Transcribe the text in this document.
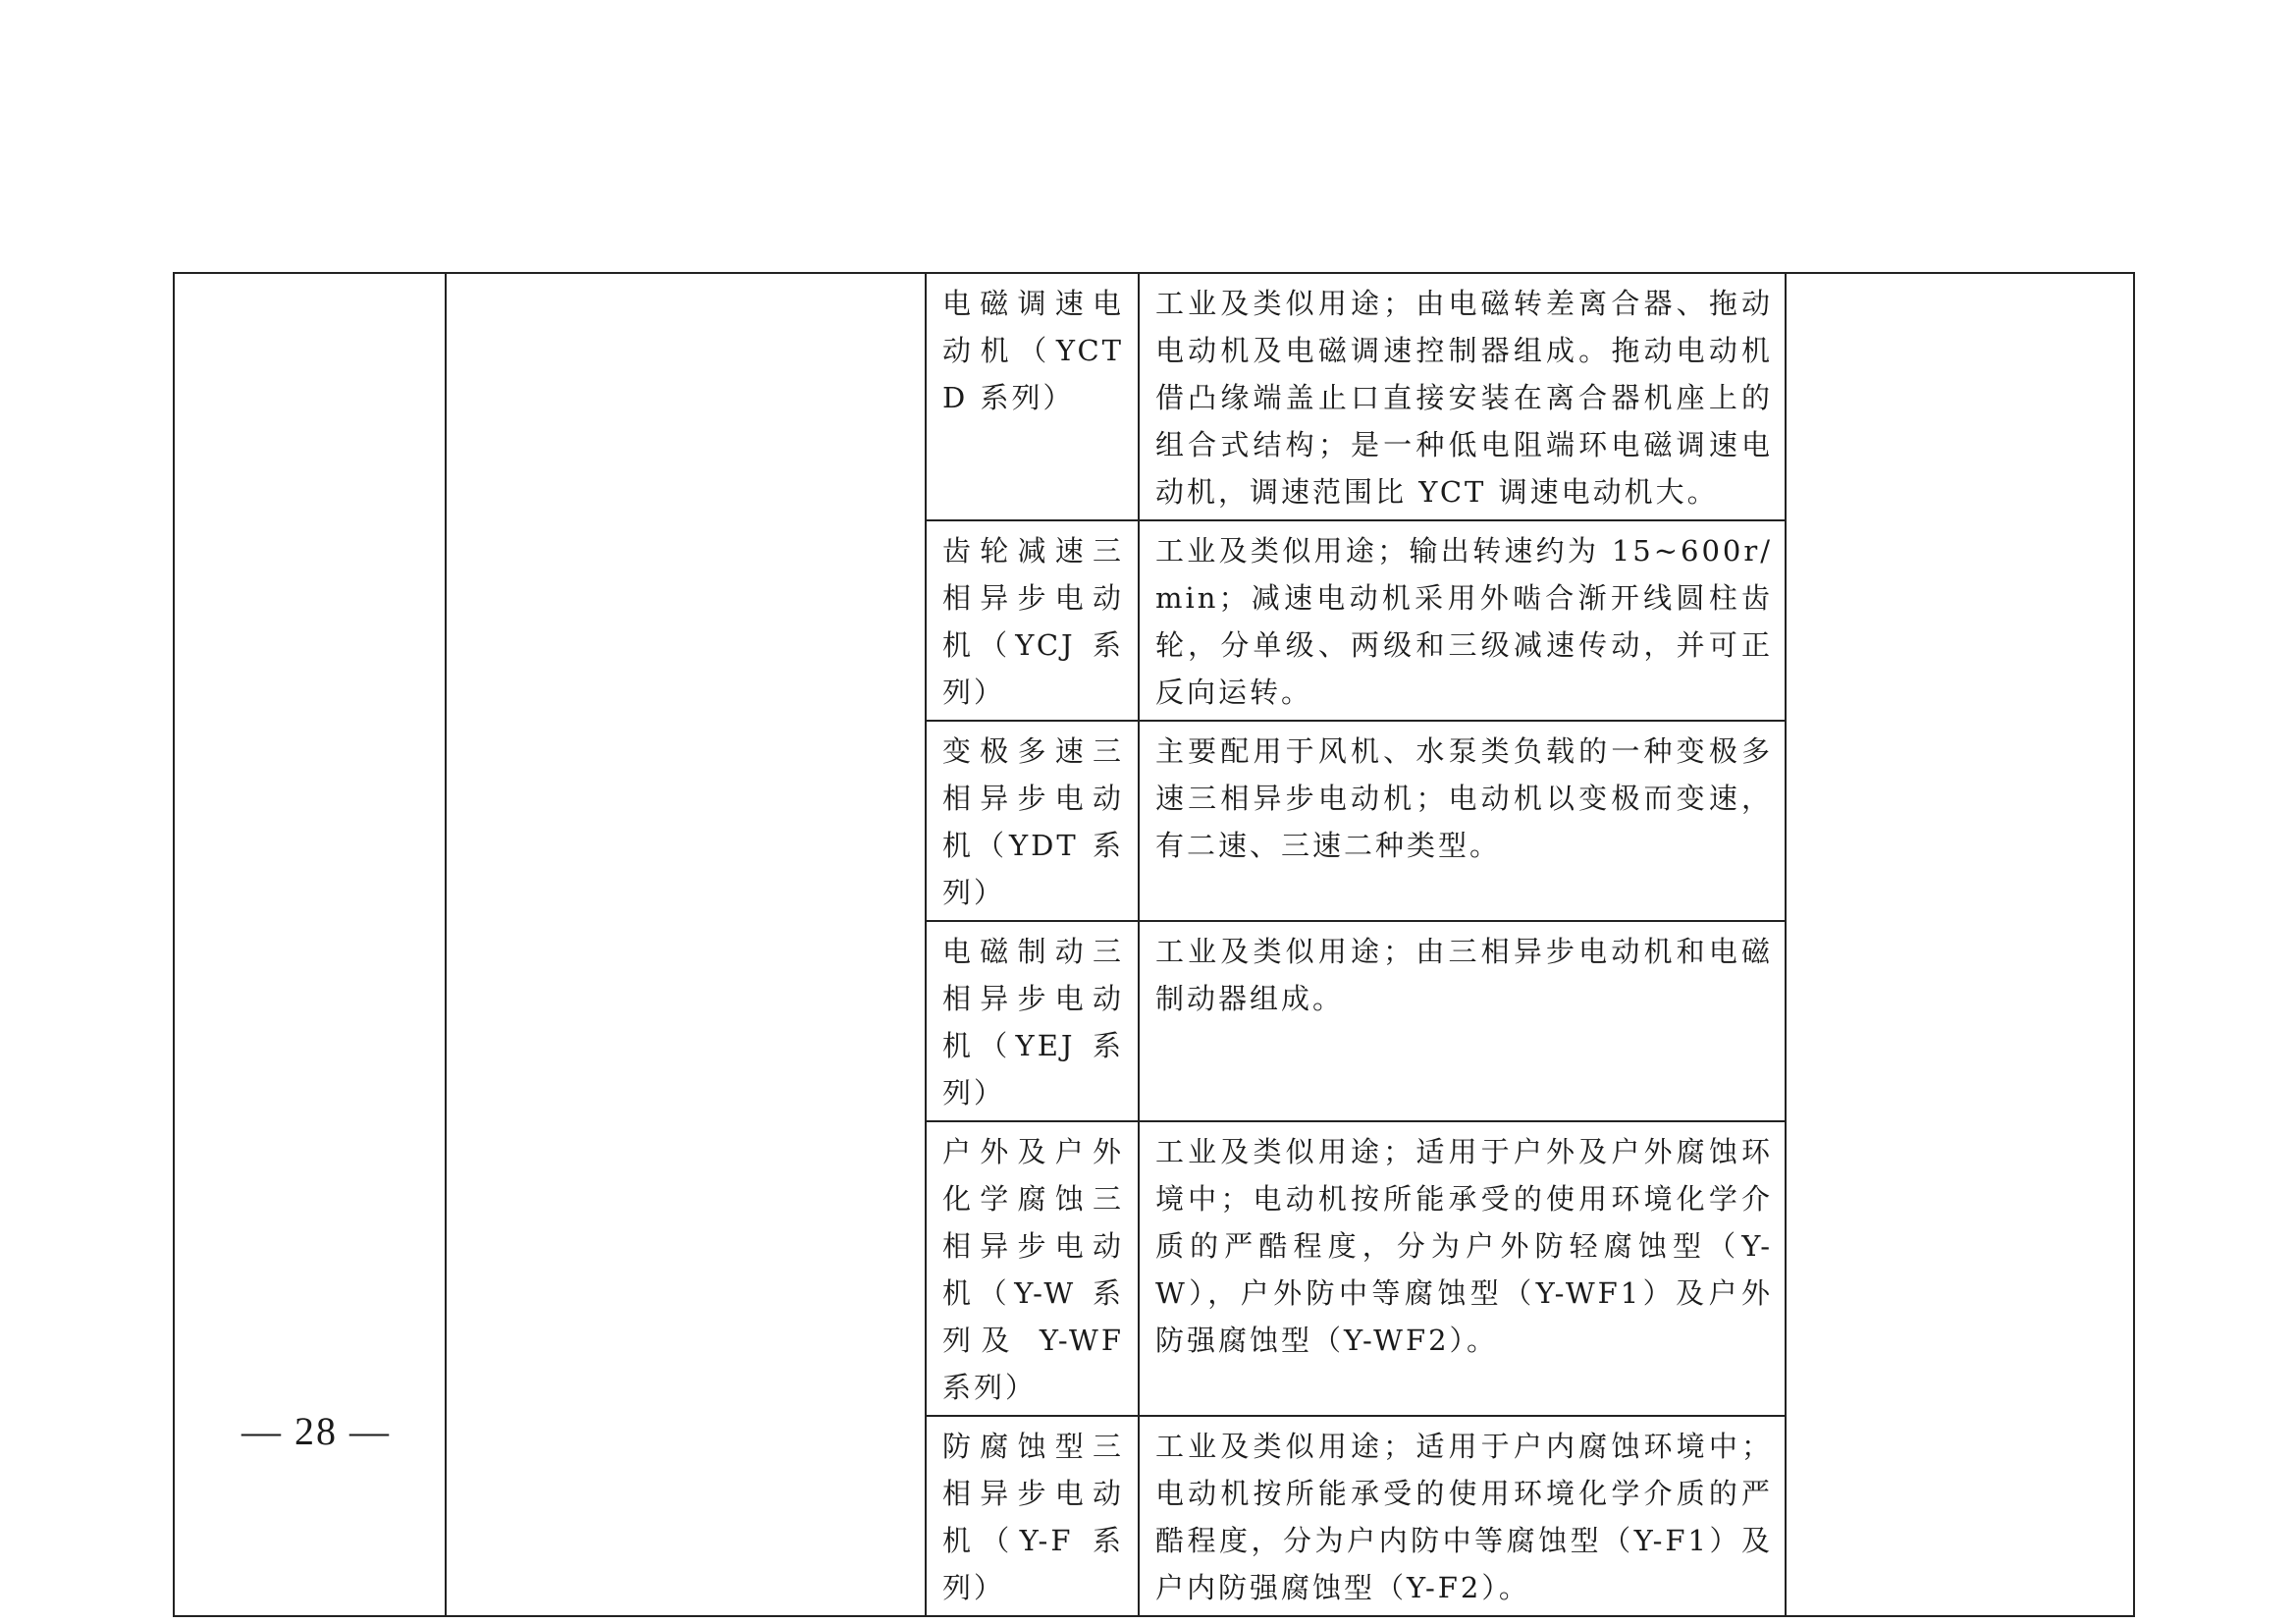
		电磁调速电动机（YCTD 系列）	工业及类似用途；由电磁转差离合器、拖动电动机及电磁调速控制器组成。拖动电动机借凸缘端盖止口直接安装在离合器机座上的组合式结构；是一种低电阻端环电磁调速电动机，调速范围比 YCT 调速电动机大。	

		齿轮减速三相异步电动机（YCJ 系列）	工业及类似用途；输出转速约为 15~600r/min；减速电动机采用外啮合渐开线圆柱齿轮，分单级、两级和三级减速传动，并可正反向运转。	

		变极多速三相异步电动机（YDT 系列）	主要配用于风机、水泵类负载的一种变极多速三相异步电动机；电动机以变极而变速，有二速、三速二种类型。	

		电磁制动三相异步电动机（YEJ 系列）	工业及类似用途；由三相异步电动机和电磁制动器组成。	

		户外及户外化学腐蚀三相异步电动机（Y-W 系列及 Y-WF 系列）	工业及类似用途；适用于户外及户外腐蚀环境中；电动机按所能承受的使用环境化学介质的严酷程度，分为户外防轻腐蚀型（Y-W），户外防中等腐蚀型（Y-WF1）及户外防强腐蚀型（Y-WF2）。	

		防腐蚀型三相异步电动机（Y-F 系列）	工业及类似用途；适用于户内腐蚀环境中；电动机按所能承受的使用环境化学介质的严酷程度，分为户内防中等腐蚀型（Y-F1）及户内防强腐蚀型（Y-F2）。	
— 28 —
